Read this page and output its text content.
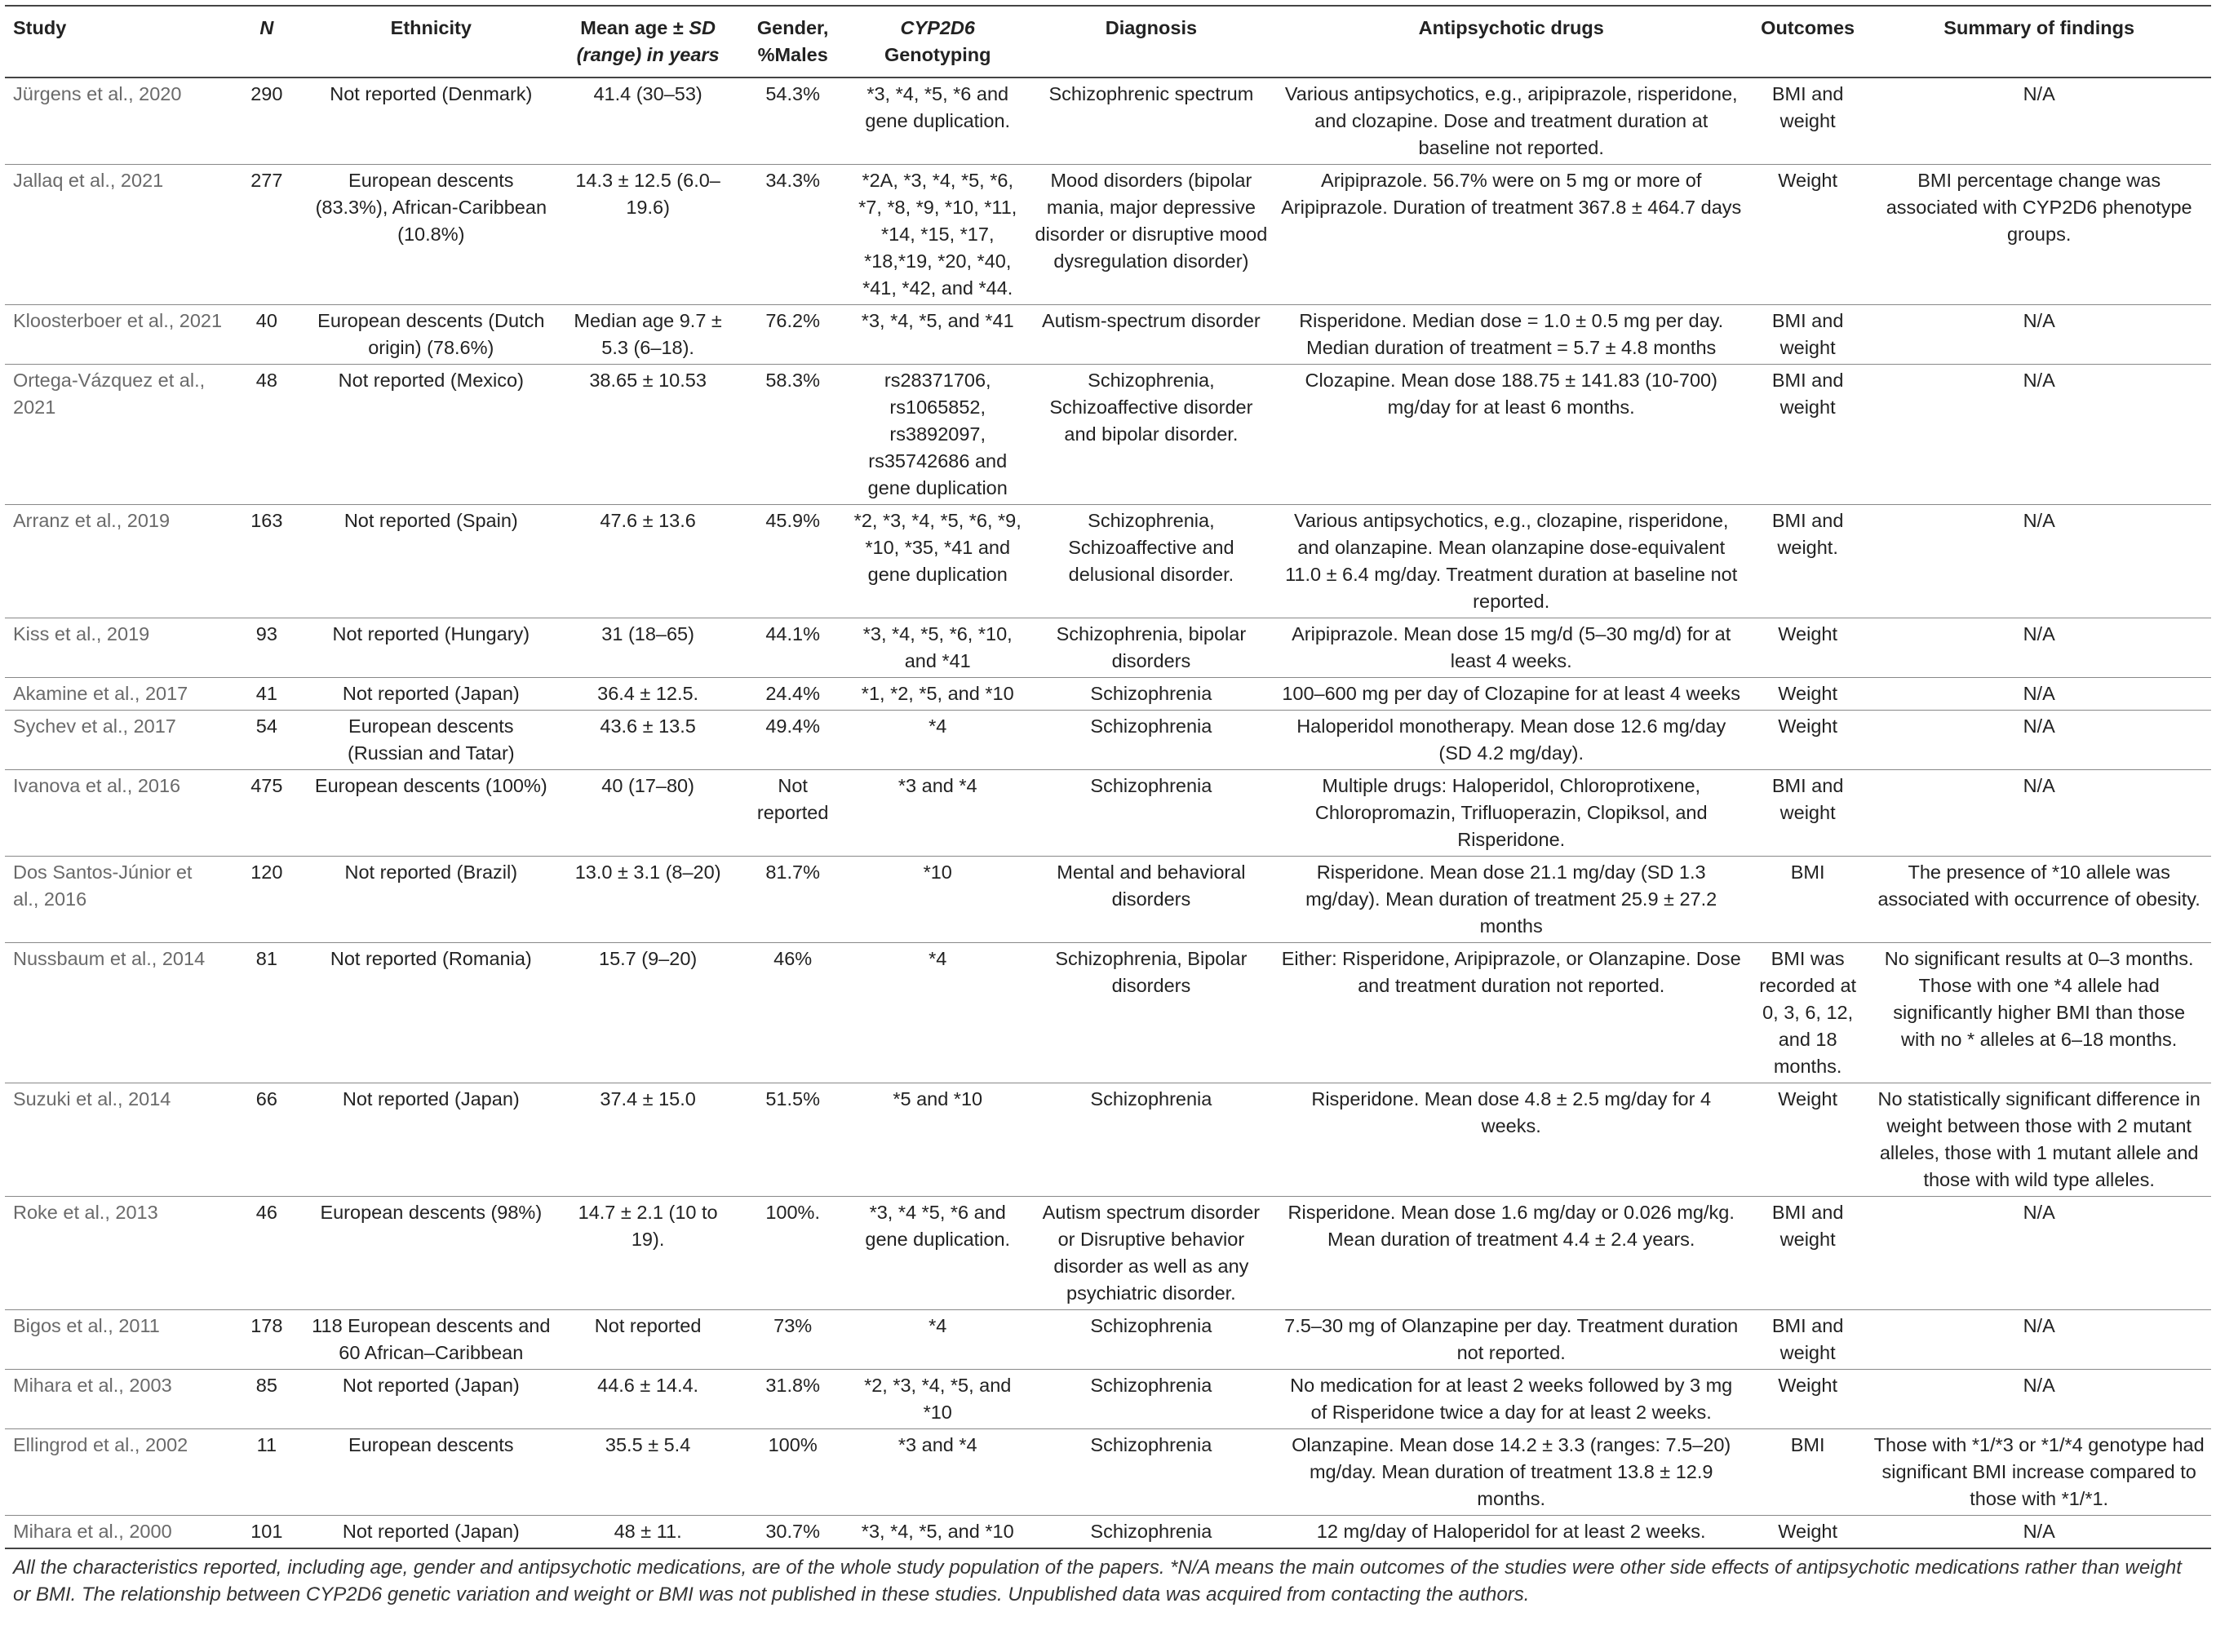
Study	N	Ethnicity	Mean age ± SD (range) in years	Gender, %Males	CYP2D6 Genotyping	Diagnosis	Antipsychotic drugs	Outcomes	Summary of findings
Jürgens et al., 2020	290	Not reported (Denmark)	41.4 (30–53)	54.3%	*3, *4, *5, *6 and gene duplication.	Schizophrenic spectrum	Various antipsychotics, e.g., aripiprazole, risperidone, and clozapine. Dose and treatment duration at baseline not reported.	BMI and weight	N/A
Jallaq et al., 2021	277	European descents (83.3%), African-Caribbean (10.8%)	14.3 ± 12.5 (6.0–19.6)	34.3%	*2A, *3, *4, *5, *6, *7, *8, *9, *10, *11, *14, *15, *17, *18,*19, *20, *40, *41, *42, and *44.	Mood disorders (bipolar mania, major depressive disorder or disruptive mood dysregulation disorder)	Aripiprazole. 56.7% were on 5 mg or more of Aripiprazole. Duration of treatment 367.8 ± 464.7 days	Weight	BMI percentage change was associated with CYP2D6 phenotype groups.
Kloosterboer et al., 2021	40	European descents (Dutch origin) (78.6%)	Median age 9.7 ± 5.3 (6–18).	76.2%	*3, *4, *5, and *41	Autism-spectrum disorder	Risperidone. Median dose = 1.0 ± 0.5 mg per day. Median duration of treatment = 5.7 ± 4.8 months	BMI and weight	N/A
Ortega-Vázquez et al., 2021	48	Not reported (Mexico)	38.65 ± 10.53	58.3%	rs28371706, rs1065852, rs3892097, rs35742686 and gene duplication	Schizophrenia, Schizoaffective disorder and bipolar disorder.	Clozapine. Mean dose 188.75 ± 141.83 (10-700) mg/day for at least 6 months.	BMI and weight	N/A
Arranz et al., 2019	163	Not reported (Spain)	47.6 ± 13.6	45.9%	*2, *3, *4, *5, *6, *9, *10, *35, *41 and gene duplication	Schizophrenia, Schizoaffective and delusional disorder.	Various antipsychotics, e.g., clozapine, risperidone, and olanzapine. Mean olanzapine dose-equivalent 11.0 ± 6.4 mg/day. Treatment duration at baseline not reported.	BMI and weight.	N/A
Kiss et al., 2019	93	Not reported (Hungary)	31 (18–65)	44.1%	*3, *4, *5, *6, *10, and *41	Schizophrenia, bipolar disorders	Aripiprazole. Mean dose 15 mg/d (5–30 mg/d) for at least 4 weeks.	Weight	N/A
Akamine et al., 2017	41	Not reported (Japan)	36.4 ± 12.5.	24.4%	*1, *2, *5, and *10	Schizophrenia	100–600 mg per day of Clozapine for at least 4 weeks	Weight	N/A
Sychev et al., 2017	54	European descents (Russian and Tatar)	43.6 ± 13.5	49.4%	*4	Schizophrenia	Haloperidol monotherapy. Mean dose 12.6 mg/day (SD 4.2 mg/day).	Weight	N/A
Ivanova et al., 2016	475	European descents (100%)	40 (17–80)	Not reported	*3 and *4	Schizophrenia	Multiple drugs: Haloperidol, Chloroprotixene, Chloropromazin, Trifluoperazin, Clopiksol, and Risperidone.	BMI and weight	N/A
Dos Santos-Júnior et al., 2016	120	Not reported (Brazil)	13.0 ± 3.1 (8–20)	81.7%	*10	Mental and behavioral disorders	Risperidone. Mean dose 21.1 mg/day (SD 1.3 mg/day). Mean duration of treatment 25.9 ± 27.2 months	BMI	The presence of *10 allele was associated with occurrence of obesity.
Nussbaum et al., 2014	81	Not reported (Romania)	15.7 (9–20)	46%	*4	Schizophrenia, Bipolar disorders	Either: Risperidone, Aripiprazole, or Olanzapine. Dose and treatment duration not reported.	BMI was recorded at 0, 3, 6, 12, and 18 months.	No significant results at 0–3 months. Those with one *4 allele had significantly higher BMI than those with no * alleles at 6–18 months.
Suzuki et al., 2014	66	Not reported (Japan)	37.4 ± 15.0	51.5%	*5 and *10	Schizophrenia	Risperidone. Mean dose 4.8 ± 2.5 mg/day for 4 weeks.	Weight	No statistically significant difference in weight between those with 2 mutant alleles, those with 1 mutant allele and those with wild type alleles.
Roke et al., 2013	46	European descents (98%)	14.7 ± 2.1 (10 to 19).	100%.	*3, *4 *5, *6 and gene duplication.	Autism spectrum disorder or Disruptive behavior disorder as well as any psychiatric disorder.	Risperidone. Mean dose 1.6 mg/day or 0.026 mg/kg. Mean duration of treatment 4.4 ± 2.4 years.	BMI and weight	N/A
Bigos et al., 2011	178	118 European descents and 60 African–Caribbean	Not reported	73%	*4	Schizophrenia	7.5–30 mg of Olanzapine per day. Treatment duration not reported.	BMI and weight	N/A
Mihara et al., 2003	85	Not reported (Japan)	44.6 ± 14.4.	31.8%	*2, *3, *4, *5, and *10	Schizophrenia	No medication for at least 2 weeks followed by 3 mg of Risperidone twice a day for at least 2 weeks.	Weight	N/A
Ellingrod et al., 2002	11	European descents	35.5 ± 5.4	100%	*3 and *4	Schizophrenia	Olanzapine. Mean dose 14.2 ± 3.3 (ranges: 7.5–20) mg/day. Mean duration of treatment 13.8 ± 12.9 months.	BMI	Those with *1/*3 or *1/*4 genotype had significant BMI increase compared to those with *1/*1.
Mihara et al., 2000	101	Not reported (Japan)	48 ± 11.	30.7%	*3, *4, *5, and *10	Schizophrenia	12 mg/day of Haloperidol for at least 2 weeks.	Weight	N/A
All the characteristics reported, including age, gender and antipsychotic medications, are of the whole study population of the papers. *N/A means the main outcomes of the studies were other side effects of antipsychotic medications rather than weight or BMI. The relationship between CYP2D6 genetic variation and weight or BMI was not published in these studies. Unpublished data was acquired from contacting the authors.
